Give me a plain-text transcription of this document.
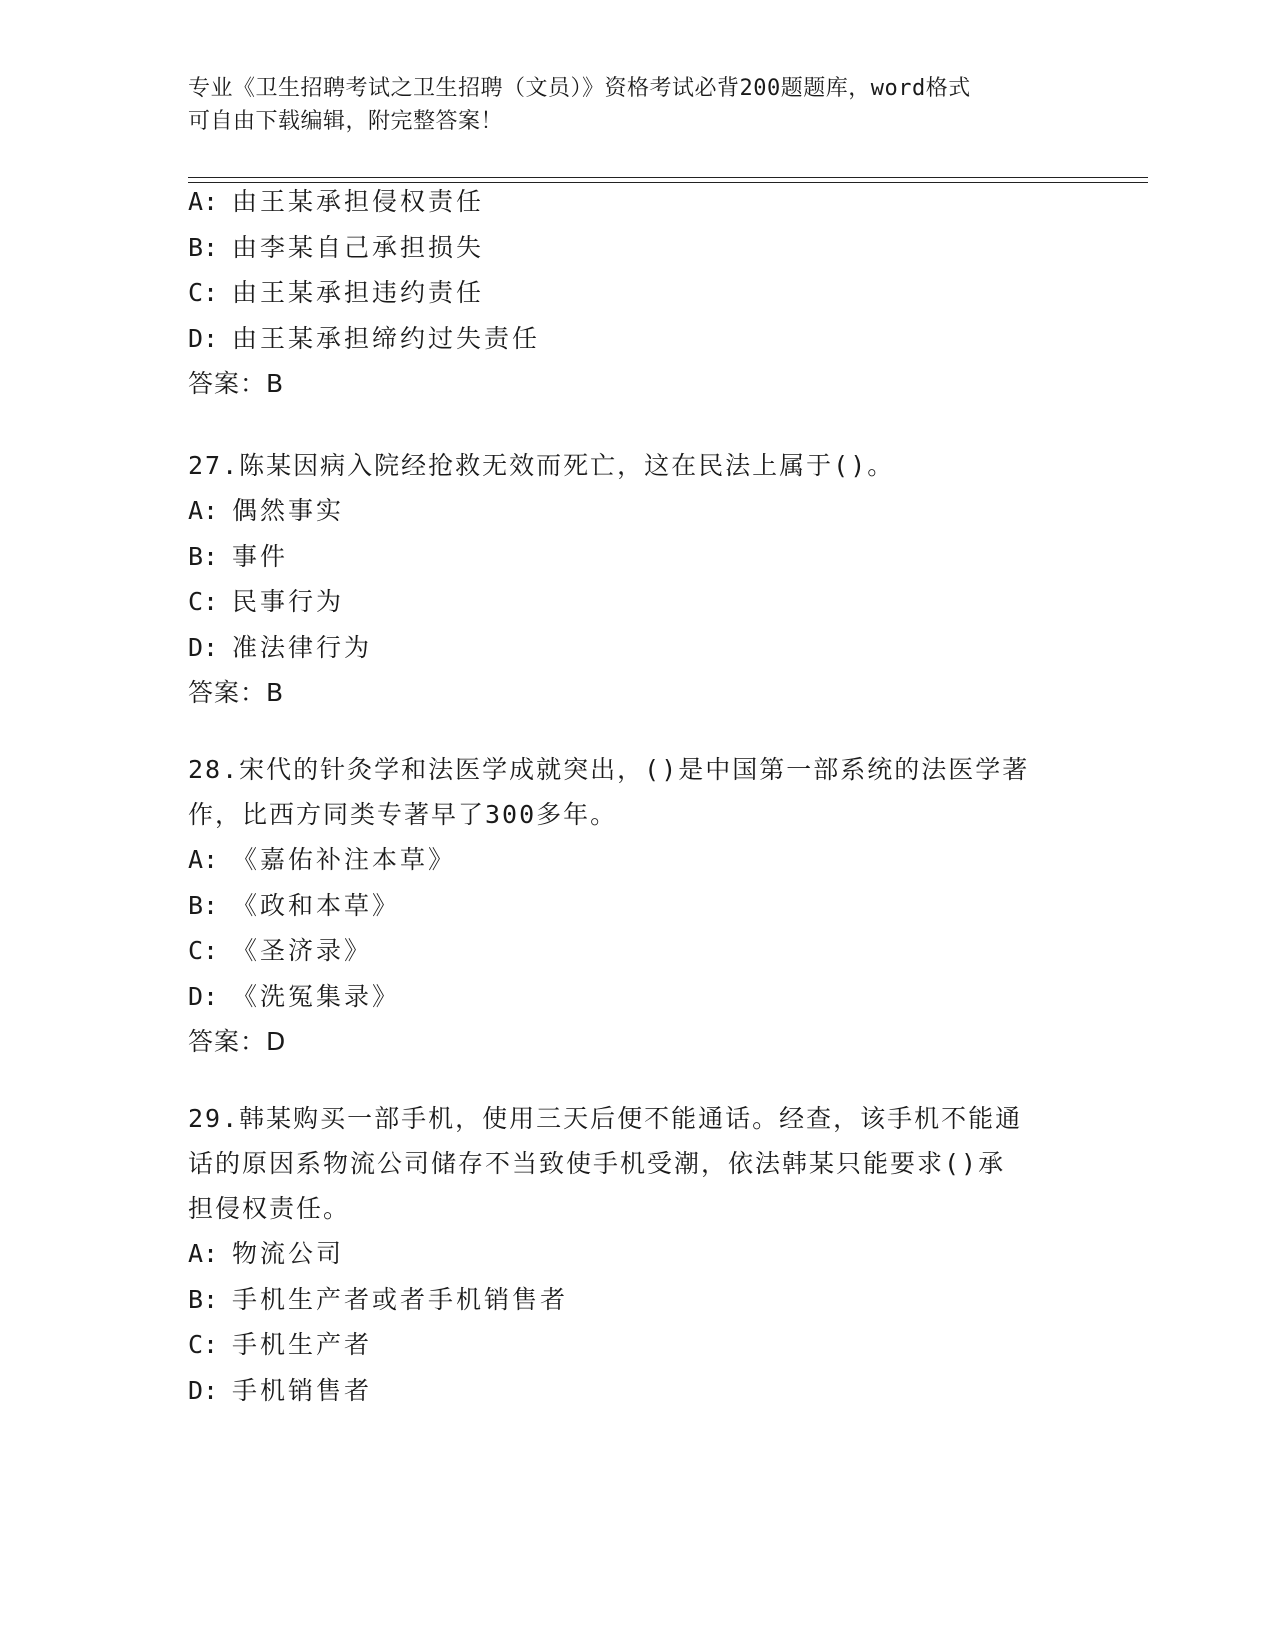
专业《卫生招聘考试之卫生招聘（文员）》资格考试必背200题题库，word格式
可自由下载编辑，附完整答案！
A: 由王某承担侵权责任
B: 由李某自己承担损失
C: 由王某承担违约责任
D: 由王某承担缔约过失责任
答案：B
27.陈某因病入院经抢救无效而死亡，这在民法上属于()。
A: 偶然事实
B: 事件
C: 民事行为
D: 准法律行为
答案：B
28.宋代的针灸学和法医学成就突出，()是中国第一部系统的法医学著
作，比西方同类专著早了300多年。
A: 《嘉佑补注本草》
B: 《政和本草》
C: 《圣济录》
D: 《洗冤集录》
答案：D
29.韩某购买一部手机，使用三天后便不能通话。经查，该手机不能通
话的原因系物流公司储存不当致使手机受潮，依法韩某只能要求()承
担侵权责任。
A: 物流公司
B: 手机生产者或者手机销售者
C: 手机生产者
D: 手机销售者
